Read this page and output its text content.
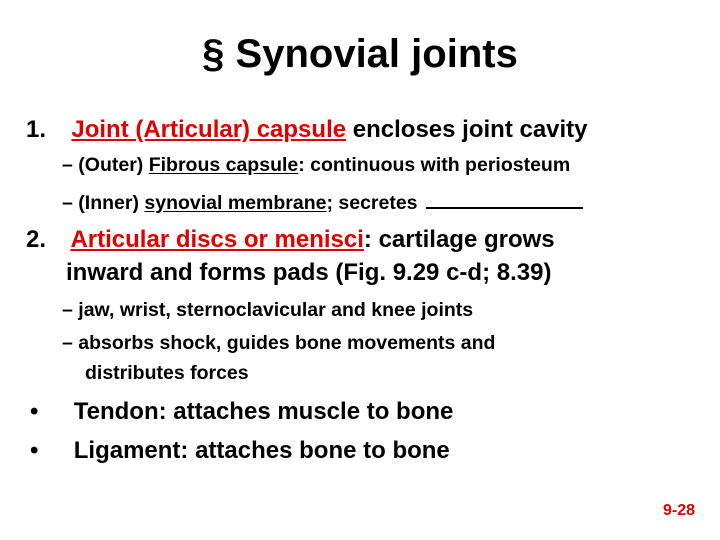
§ Synovial joints
1. Joint (Articular) capsule encloses joint cavity
– (Outer) Fibrous capsule: continuous with periosteum
– (Inner) synovial membrane; secretes
2. Articular discs or menisci: cartilage grows
inward and forms pads (Fig. 9.29 c-d; 8.39)
– jaw, wrist, sternoclavicular and knee joints
– absorbs shock, guides bone movements and
distributes forces
• Tendon: attaches muscle to bone
• Ligament: attaches bone to bone
9-28
